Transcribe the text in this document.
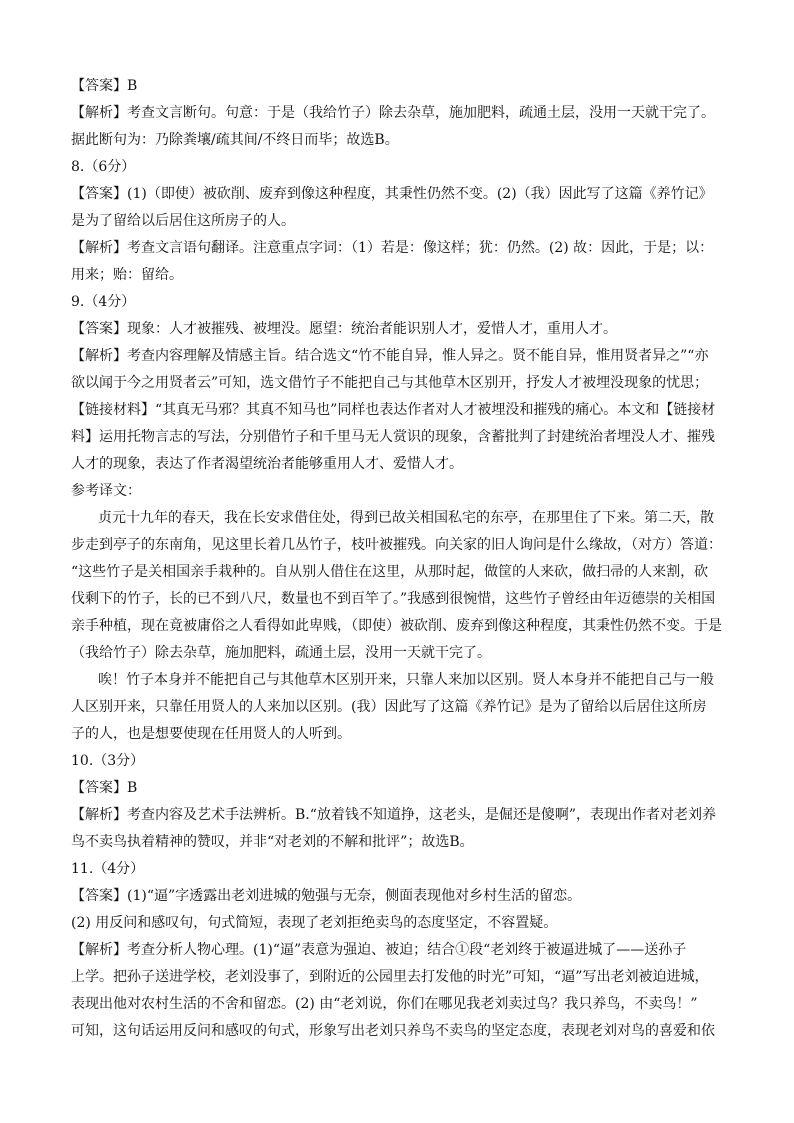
【答案】B
【解析】考查文言断句。句意：于是（我给竹子）除去杂草，施加肥料，疏通土层，没用一天就干完了。
据此断句为：乃除粪壤/疏其间/不终日而毕；故选B。
8.（6分）
【答案】(1)（即使）被砍削、废弃到像这种程度，其秉性仍然不变。(2)（我）因此写了这篇《养竹记》
是为了留给以后居住这所房子的人。
【解析】考查文言语句翻译。注意重点字词：（1）若是：像这样；犹：仍然。(2) 故：因此，于是；以：
用来；贻：留给。
9.（4分）
【答案】现象：人才被摧残、被埋没。愿望：统治者能识别人才，爱惜人才，重用人才。
【解析】考查内容理解及情感主旨。结合选文“竹不能自异，惟人异之。贤不能自异，惟用贤者异之”“亦
欲以闻于今之用贤者云”可知，选文借竹子不能把自己与其他草木区别开，抒发人才被埋没现象的忧思；
【链接材料】“其真无马邪？其真不知马也”同样也表达作者对人才被埋没和摧残的痛心。本文和【链接材
料】运用托物言志的写法，分别借竹子和千里马无人赏识的现象，含蓄批判了封建统治者埋没人才、摧残
人才的现象，表达了作者渴望统治者能够重用人才、爱惜人才。
参考译文：
贞元十九年的春天，我在长安求借住处，得到已故关相国私宅的东亭，在那里住了下来。第二天，散
步走到亭子的东南角，见这里长着几丛竹子，枝叶被摧残。向关家的旧人询问是什么缘故，（对方）答道：
“这些竹子是关相国亲手栽种的。自从别人借住在这里，从那时起，做筐的人来砍，做扫帚的人来割，砍
伐剩下的竹子，长的已不到八尺，数量也不到百竿了。”我感到很惋惜，这些竹子曾经由年迈德崇的关相国
亲手种植，现在竟被庸俗之人看得如此卑贱，（即使）被砍削、废弃到像这种程度，其秉性仍然不变。于是
（我给竹子）除去杂草，施加肥料，疏通土层，没用一天就干完了。
唉！竹子本身并不能把自己与其他草木区别开来，只靠人来加以区别。贤人本身并不能把自己与一般
人区别开来，只靠任用贤人的人来加以区别。(我）因此写了这篇《养竹记》是为了留给以后居住这所房
子的人，也是想要使现在任用贤人的人听到。
10.（3分）
【答案】B
【解析】考查内容及艺术手法辨析。B.“放着钱不知道挣，这老头，是倔还是傻啊”，表现出作者对老刘养
鸟不卖鸟执着精神的赞叹，并非“对老刘的不解和批评”；故选B。
11.（4分）
【答案】(1)“逼”字透露出老刘进城的勉强与无奈，侧面表现他对乡村生活的留恋。
(2) 用反问和感叹句，句式简短，表现了老刘拒绝卖鸟的态度坚定，不容置疑。
【解析】考查分析人物心理。(1)“逼”表意为强迫、被迫；结合①段“老刘终于被逼进城了——送孙子
上学。把孙子送进学校，老刘没事了，到附近的公园里去打发他的时光”可知，“逼”写出老刘被迫进城，
表现出他对农村生活的不舍和留恋。(2) 由“老刘说，你们在哪见我老刘卖过鸟？我只养鸟，不卖鸟！”
可知，这句话运用反问和感叹的句式，形象写出老刘只养鸟不卖鸟的坚定态度，表现老刘对鸟的喜爱和依
